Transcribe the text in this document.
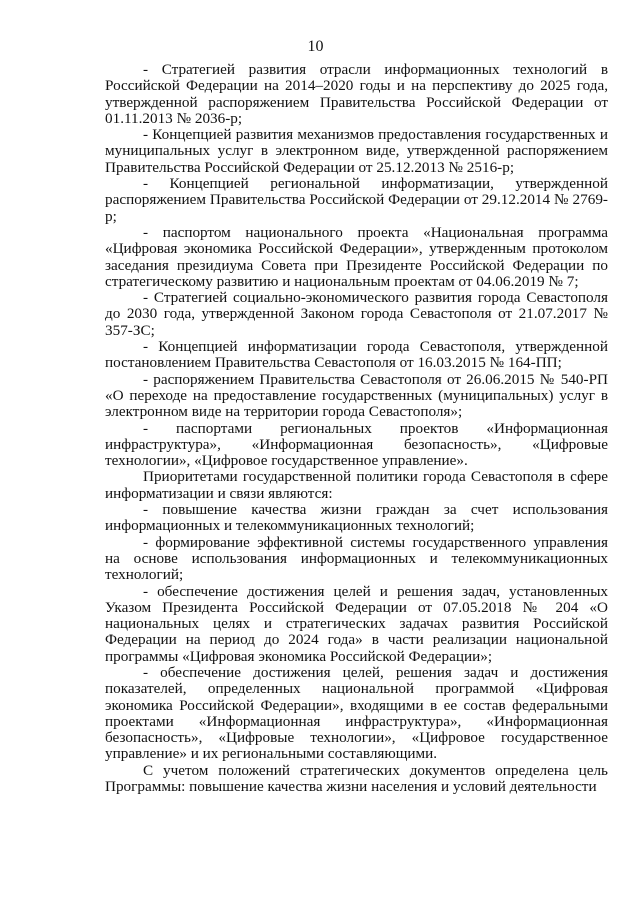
10

- Стратегией развития отрасли информационных технологий в Российской Федерации на 2014–2020 годы и на перспективу до 2025 года, утвержденной распоряжением Правительства Российской Федерации от 01.11.2013 № 2036-р;

- Концепцией развития механизмов предоставления государственных и муниципальных услуг в электронном виде, утвержденной распоряжением Правительства Российской Федерации от 25.12.2013 № 2516-р;

- Концепцией региональной информатизации, утвержденной распоряжением Правительства Российской Федерации от 29.12.2014 № 2769-р;

- паспортом национального проекта «Национальная программа «Цифровая экономика Российской Федерации», утвержденным протоколом заседания президиума Совета при Президенте Российской Федерации по стратегическому развитию и национальным проектам от 04.06.2019 № 7;

- Стратегией социально-экономического развития города Севастополя до 2030 года, утвержденной Законом города Севастополя от 21.07.2017 № 357-ЗС;

- Концепцией информатизации города Севастополя, утвержденной постановлением Правительства Севастополя от 16.03.2015 № 164-ПП;

- распоряжением Правительства Севастополя от 26.06.2015 № 540-РП «О переходе на предоставление государственных (муниципальных) услуг в электронном виде на территории города Севастополя»;

- паспортами региональных проектов «Информационная инфраструктура», «Информационная безопасность», «Цифровые технологии», «Цифровое государственное управление».

Приоритетами государственной политики города Севастополя в сфере информатизации и связи являются:

- повышение качества жизни граждан за счет использования информационных и телекоммуникационных технологий;

- формирование эффективной системы государственного управления на основе использования информационных и телекоммуникационных технологий;

- обеспечение достижения целей и решения задач, установленных Указом Президента Российской Федерации от 07.05.2018 № 204 «О национальных целях и стратегических задачах развития Российской Федерации на период до 2024 года» в части реализации национальной программы «Цифровая экономика Российской Федерации»;

- обеспечение достижения целей, решения задач и достижения показателей, определенных национальной программой «Цифровая экономика Российской Федерации», входящими в ее состав федеральными проектами «Информационная инфраструктура», «Информационная безопасность», «Цифровые технологии», «Цифровое государственное управление» и их региональными составляющими.

С учетом положений стратегических документов определена цель Программы: повышение качества жизни населения и условий деятельности
